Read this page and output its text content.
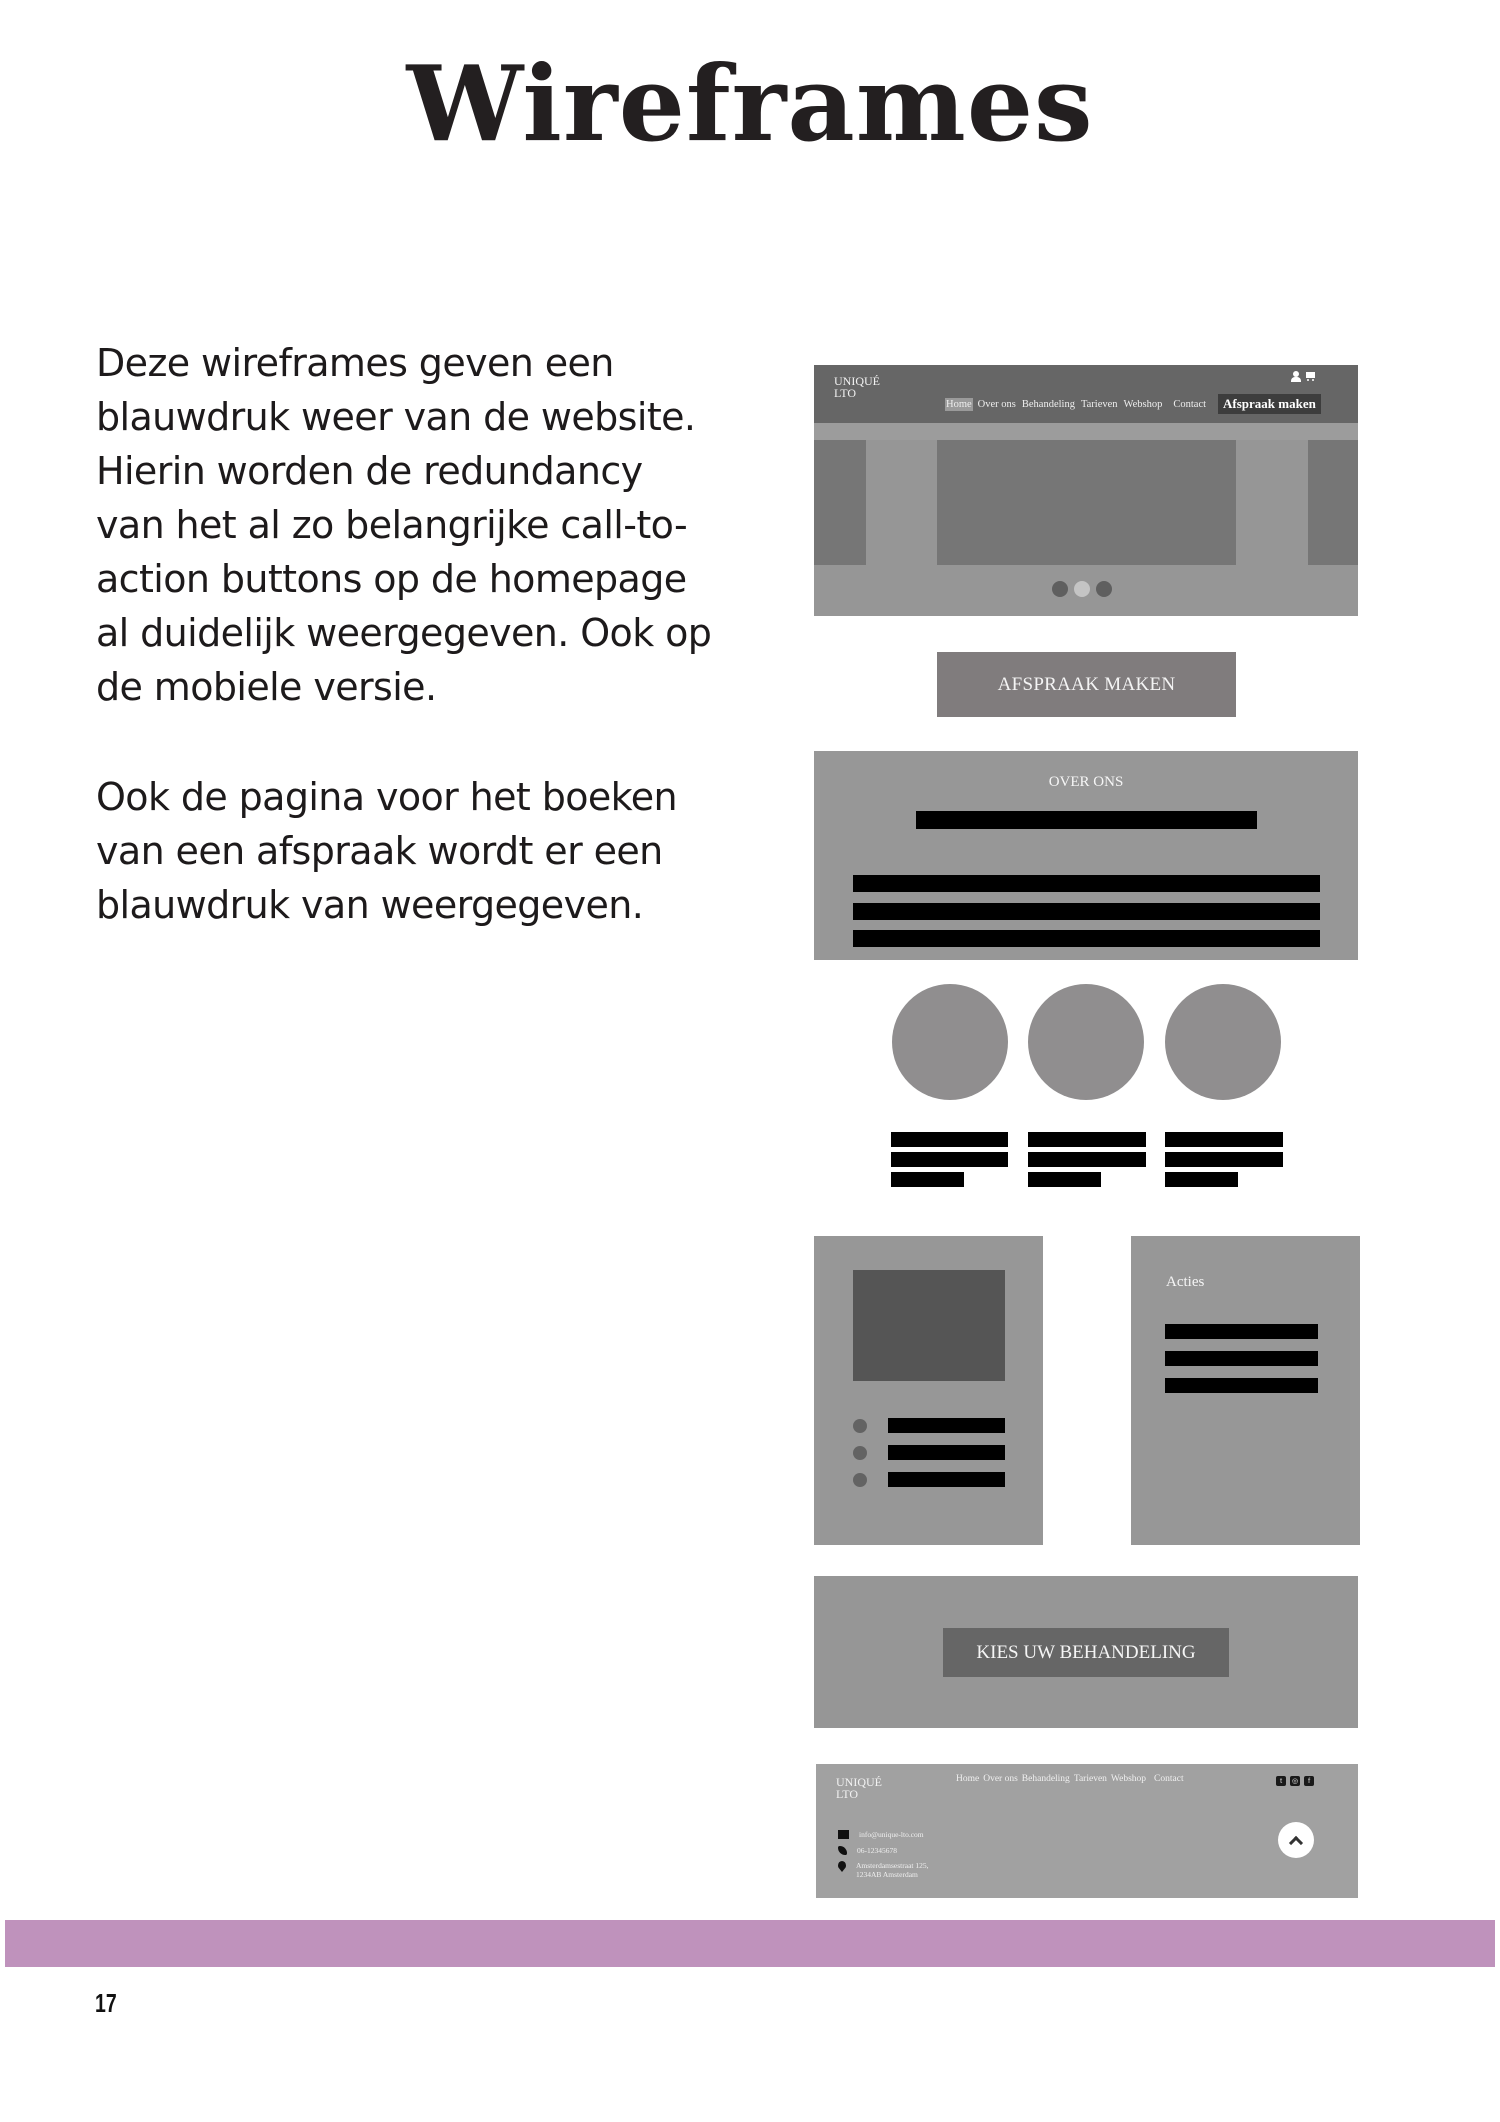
Wireframes
Deze wireframes geven een
blauwdruk weer van de website.
Hierin worden de redundancy
van het al zo belangrijke call-to-
action buttons op de homepage
al duidelijk weergegeven. Ook op
de mobiele versie.
Ook de pagina voor het boeken
van een afspraak wordt er een
blauwdruk van weergegeven.
UNIQUÉ
LTO
Home Over ons Behandeling Tarieven Webshop Contact	Afspraak maken
AFSPRAAK MAKEN
OVER ONS
Acties
KIES UW BEHANDELING
UNIQUÉ
LTO
Home Over ons Behandeling Tarieven Webshop Contact	t	◎	f
info@unique-lto.com
06-12345678
Amsterdamsestraat 125,
1234AB Amsterdam
17
